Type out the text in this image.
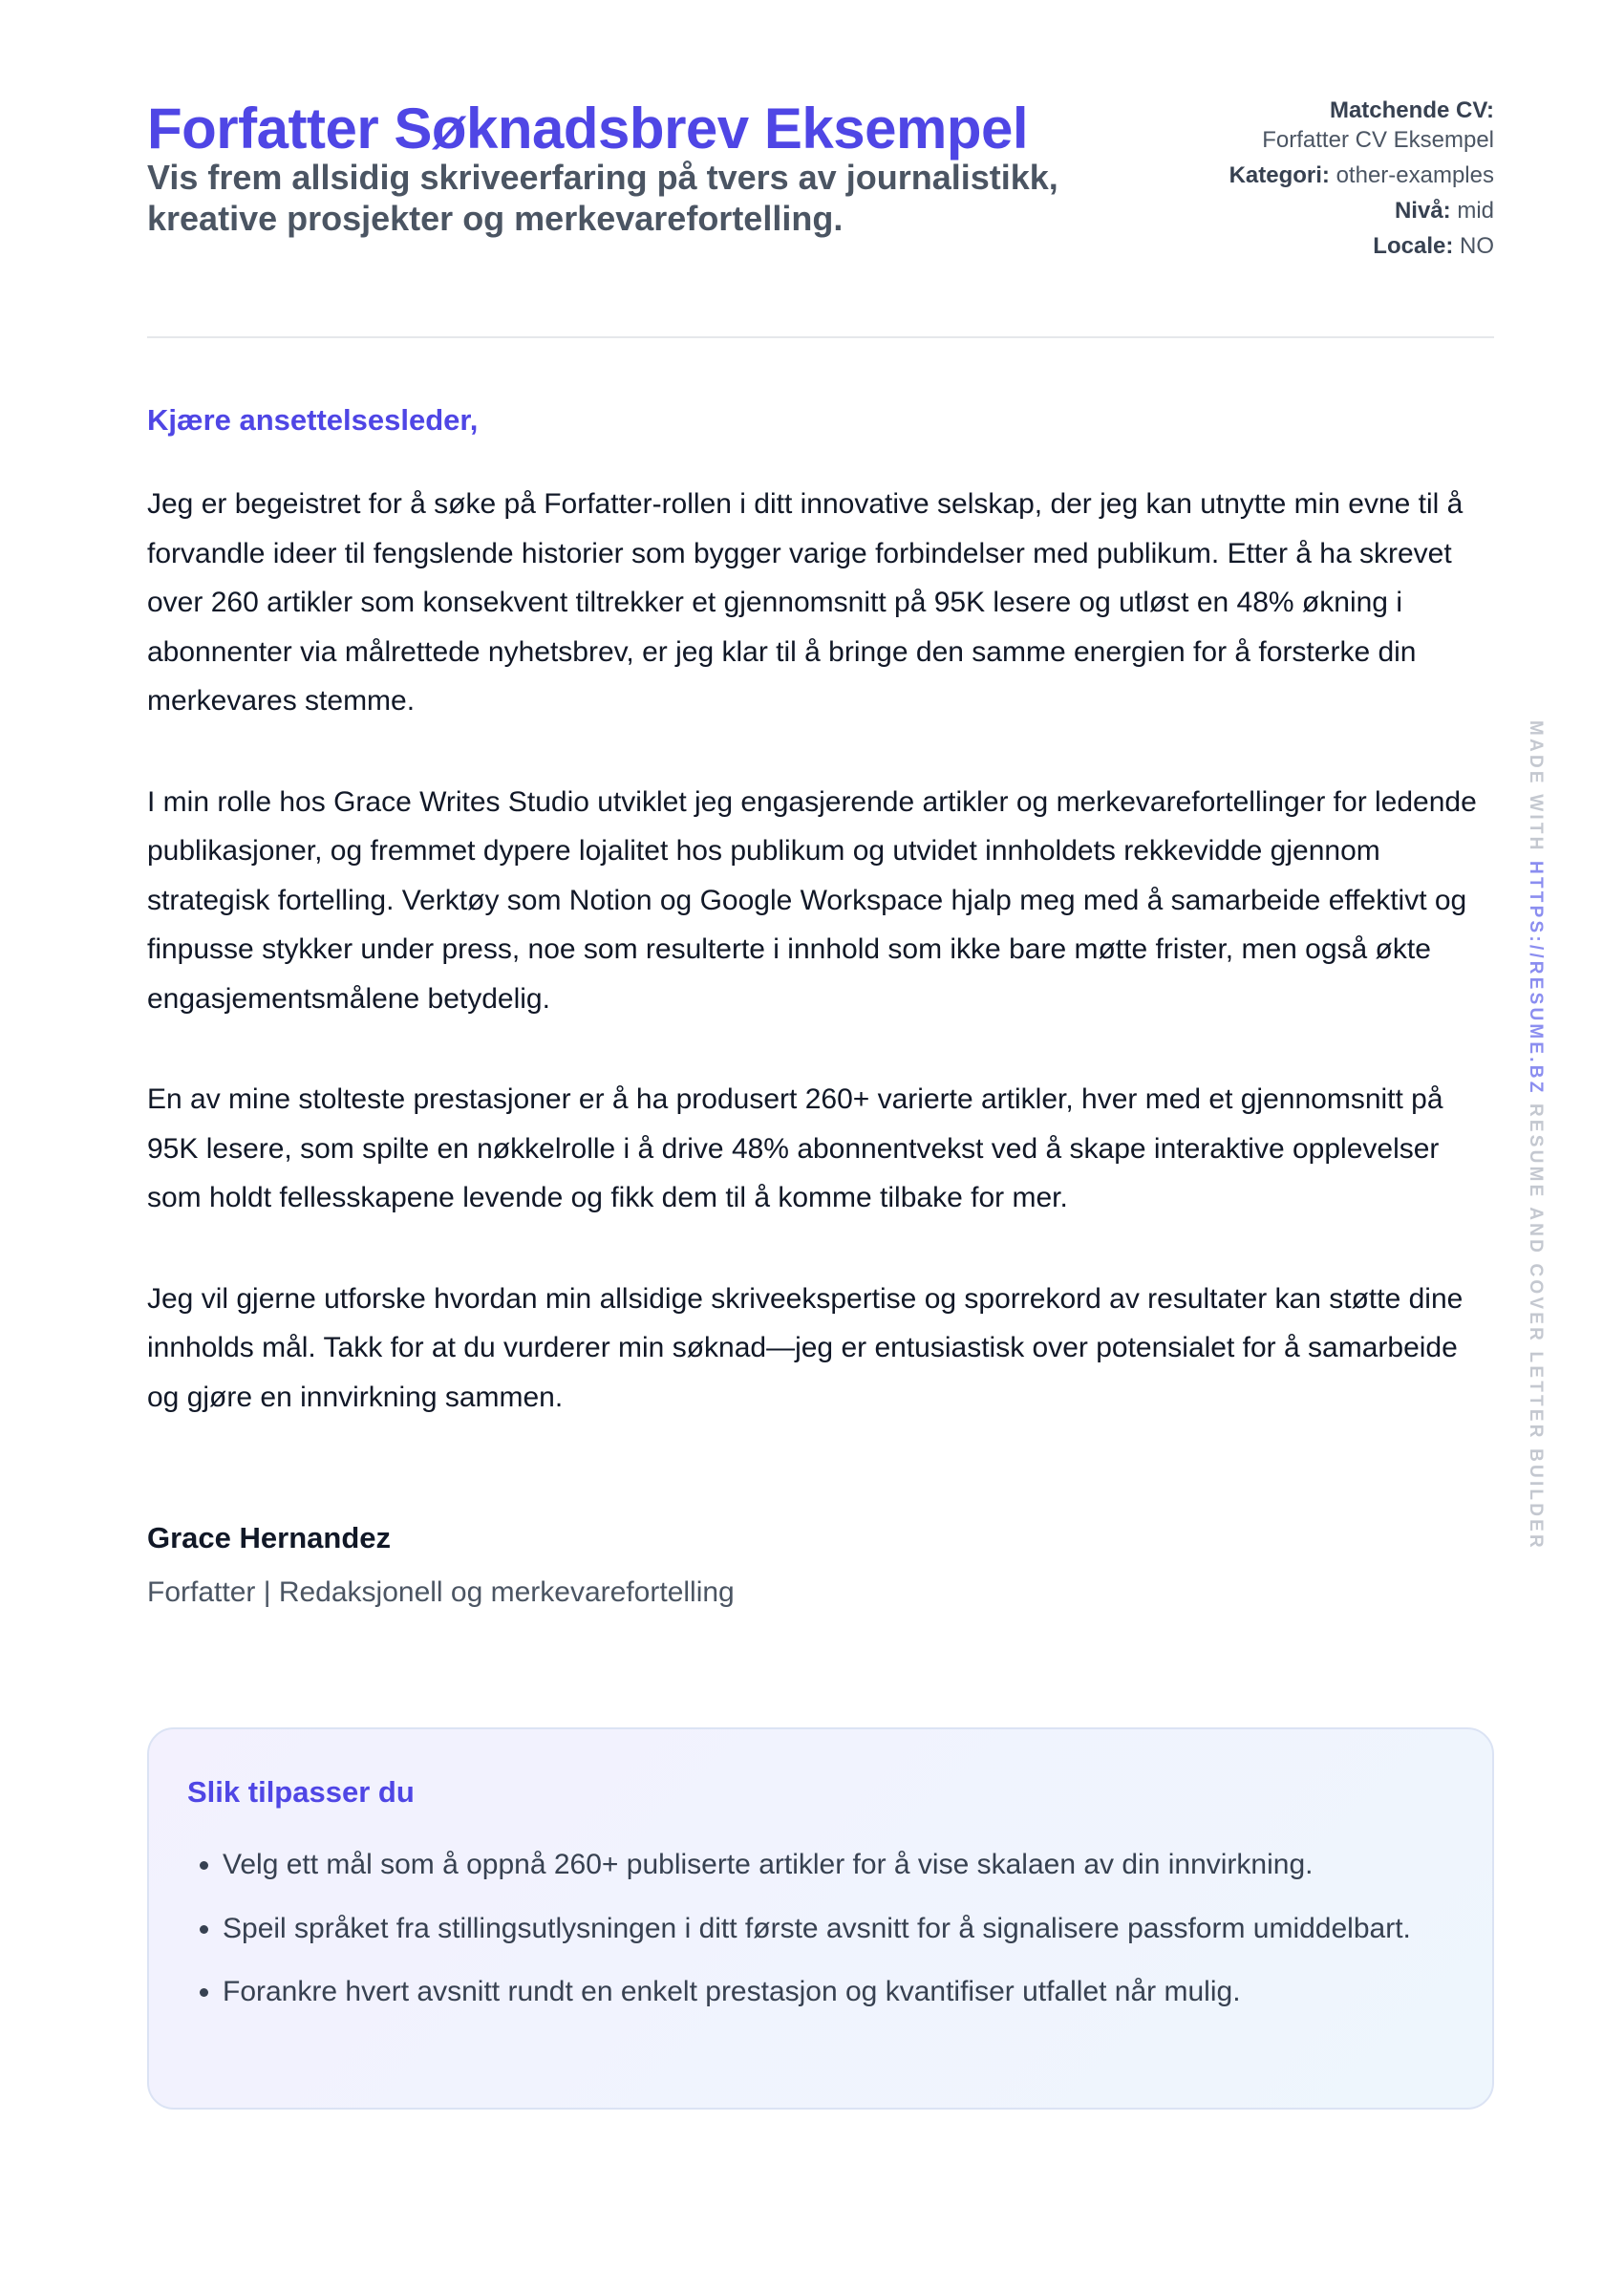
Forfatter Søknadsbrev Eksempel
Vis frem allsidig skriveerfaring på tvers av journalistikk, kreative prosjekter og merkevarefortelling.
Matchende CV:
Forfatter CV Eksempel
Kategori: other-examples
Nivå: mid
Locale: NO

Kjære ansettelsesleder,

Jeg er begeistret for å søke på Forfatter-rollen i ditt innovative selskap, der jeg kan utnytte min evne til å forvandle ideer til fengslende historier som bygger varige forbindelser med publikum. Etter å ha skrevet over 260 artikler som konsekvent tiltrekker et gjennomsnitt på 95K lesere og utløst en 48% økning i abonnenter via målrettede nyhetsbrev, er jeg klar til å bringe den samme energien for å forsterke din merkevares stemme.

I min rolle hos Grace Writes Studio utviklet jeg engasjerende artikler og merkevarefortellinger for ledende publikasjoner, og fremmet dypere lojalitet hos publikum og utvidet innholdets rekkevidde gjennom strategisk fortelling. Verktøy som Notion og Google Workspace hjalp meg med å samarbeide effektivt og finpusse stykker under press, noe som resulterte i innhold som ikke bare møtte frister, men også økte engasjementsmålene betydelig.

En av mine stolteste prestasjoner er å ha produsert 260+ varierte artikler, hver med et gjennomsnitt på 95K lesere, som spilte en nøkkelrolle i å drive 48% abonnentvekst ved å skape interaktive opplevelser som holdt fellesskapene levende og fikk dem til å komme tilbake for mer.

Jeg vil gjerne utforske hvordan min allsidige skriveekspertise og sporrekord av resultater kan støtte dine innholds mål. Takk for at du vurderer min søknad—jeg er entusiastisk over potensialet for å samarbeide og gjøre en innvirkning sammen.

Grace Hernandez
Forfatter | Redaksjonell og merkevarefortelling
Slik tilpasser du
• Velg ett mål som å oppnå 260+ publiserte artikler for å vise skalaen av din innvirkning.
• Speil språket fra stillingsutlysningen i ditt første avsnitt for å signalisere passform umiddelbart.
• Forankre hvert avsnitt rundt en enkelt prestasjon og kvantifiser utfallet når mulig.
MADE WITH HTTPS://RESUME.BZ RESUME AND COVER LETTER BUILDER
